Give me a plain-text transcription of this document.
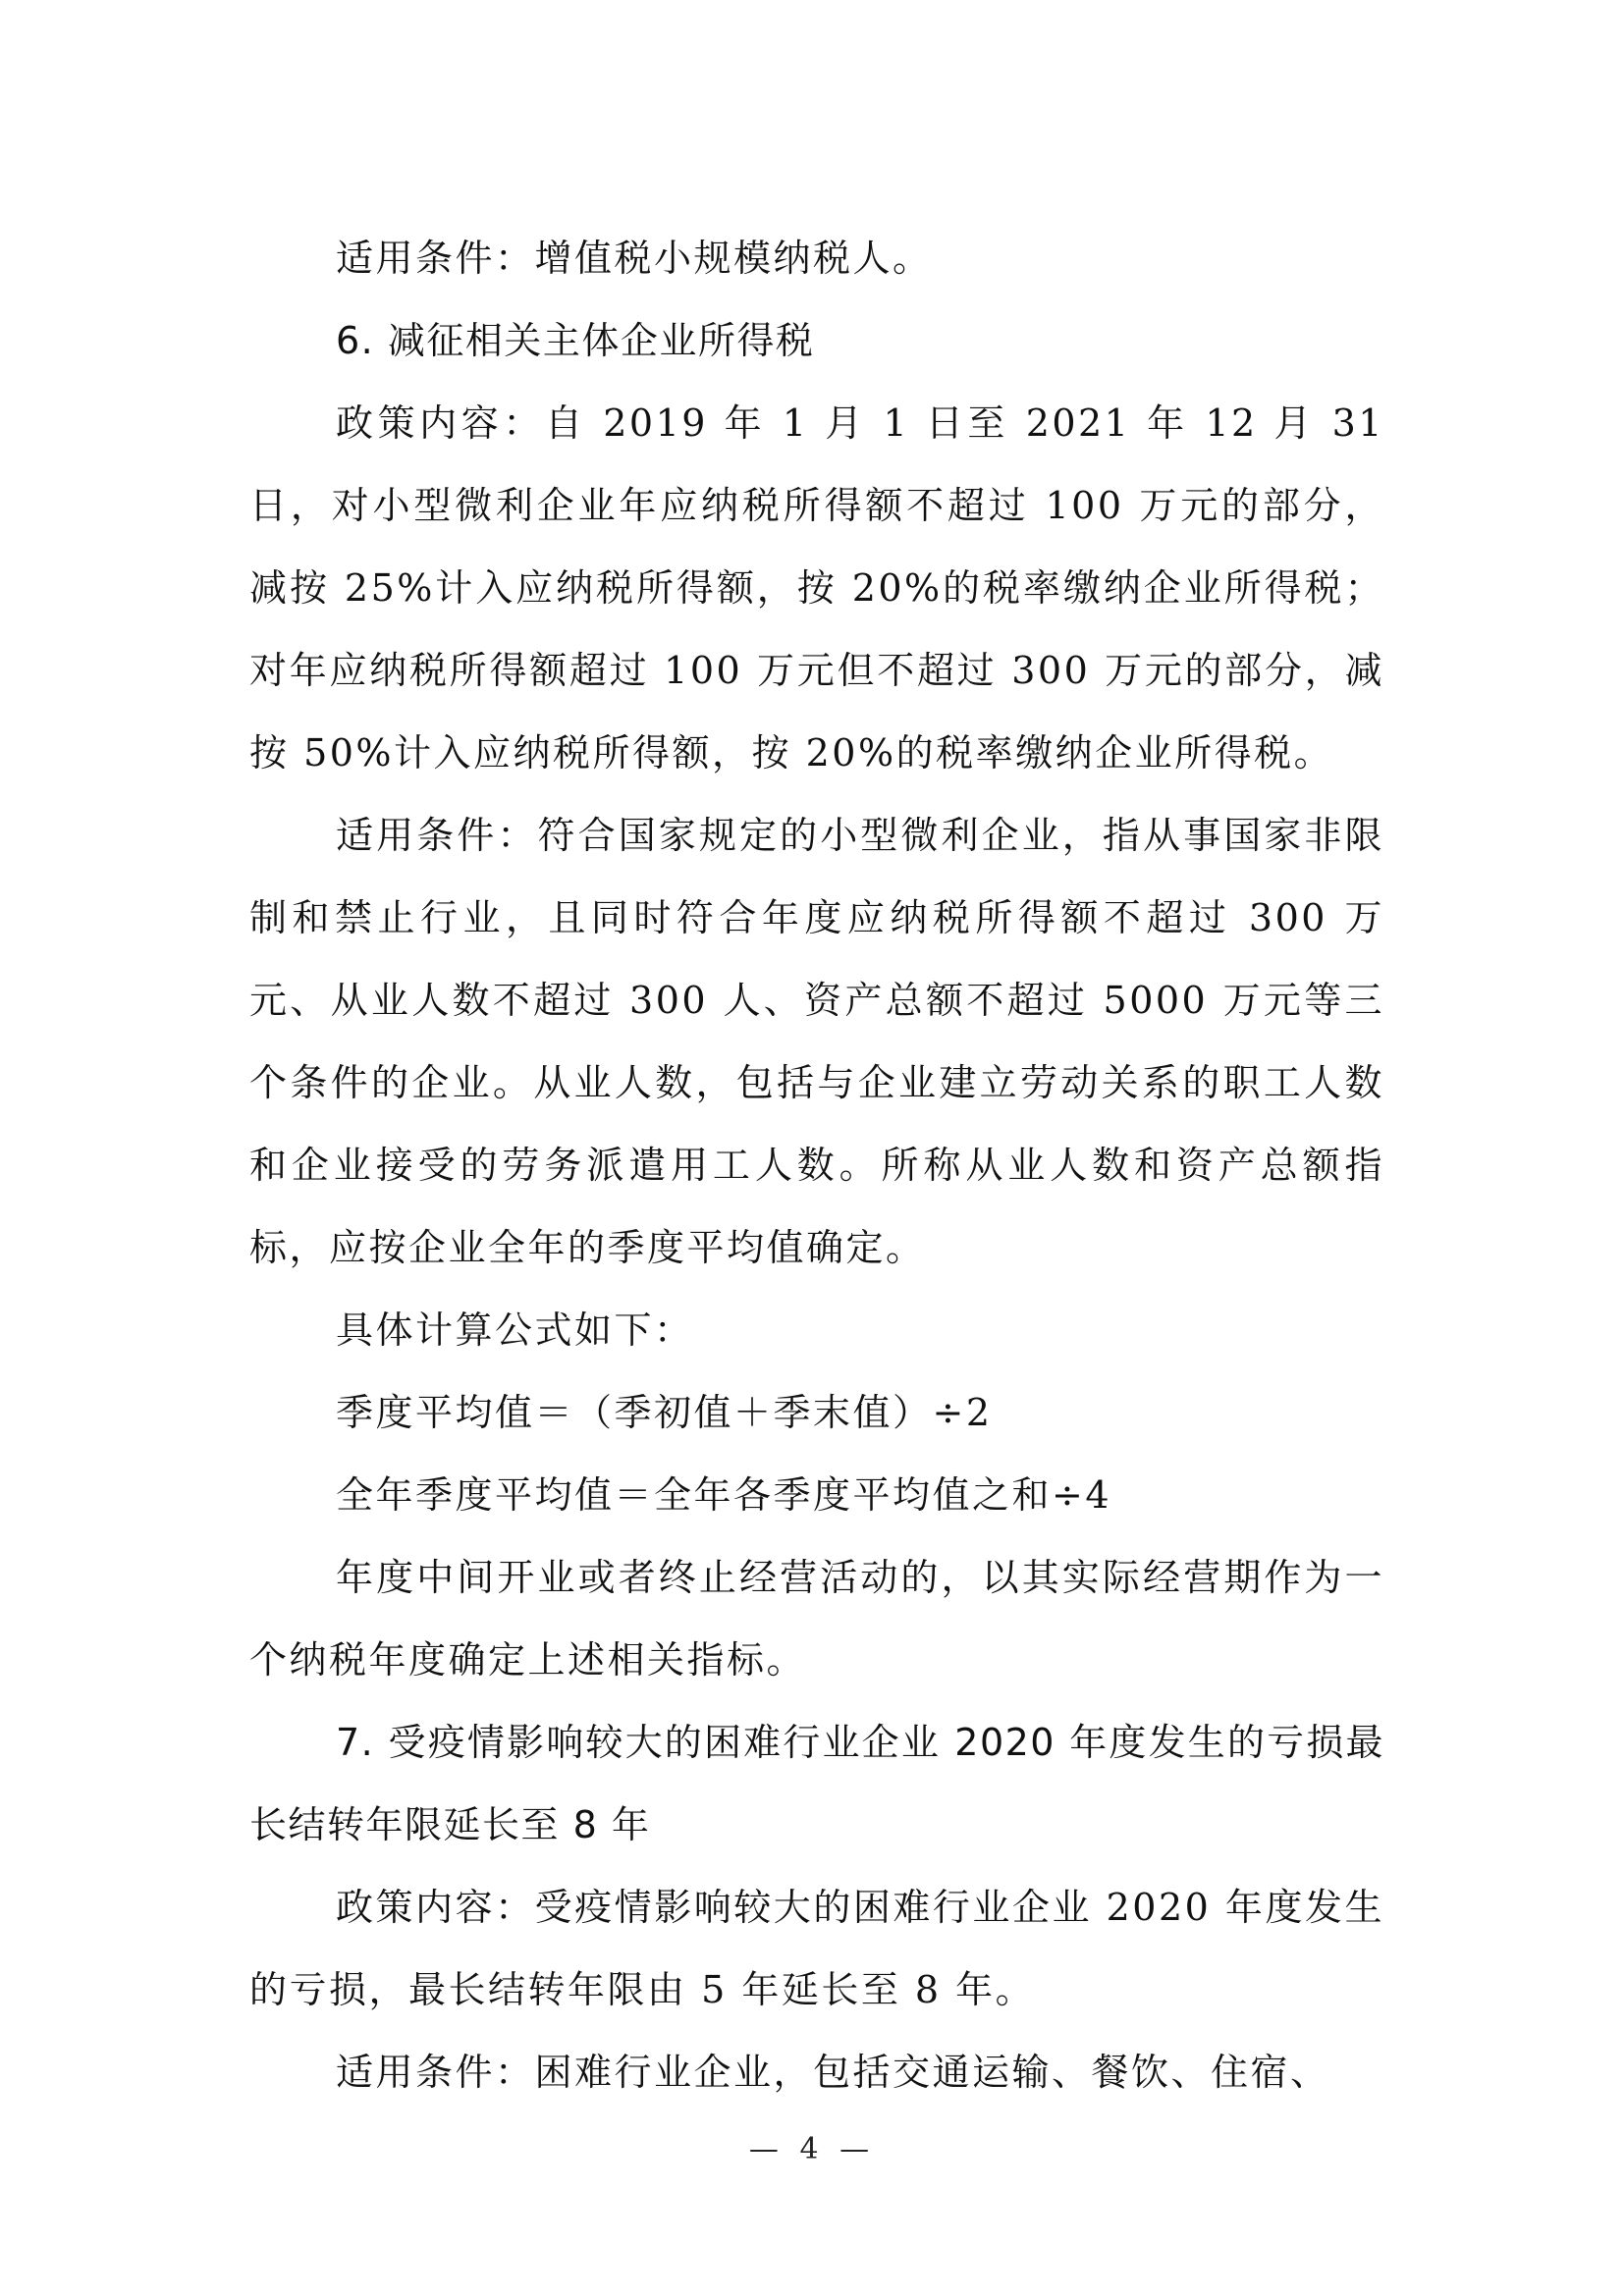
适用条件：增值税小规模纳税人。

6. 减征相关主体企业所得税

政策内容：自 2019 年 1 月 1 日至 2021 年 12 月 31 日，对小型微利企业年应纳税所得额不超过 100 万元的部分，减按 25%计入应纳税所得额，按 20%的税率缴纳企业所得税；对年应纳税所得额超过 100 万元但不超过 300 万元的部分，减按 50%计入应纳税所得额，按 20%的税率缴纳企业所得税。

适用条件：符合国家规定的小型微利企业，指从事国家非限制和禁止行业，且同时符合年度应纳税所得额不超过 300 万元、从业人数不超过 300 人、资产总额不超过 5000 万元等三个条件的企业。从业人数，包括与企业建立劳动关系的职工人数和企业接受的劳务派遣用工人数。所称从业人数和资产总额指标，应按企业全年的季度平均值确定。

具体计算公式如下：

季度平均值＝（季初值＋季末值）÷2

全年季度平均值＝全年各季度平均值之和÷4

年度中间开业或者终止经营活动的，以其实际经营期作为一个纳税年度确定上述相关指标。

7. 受疫情影响较大的困难行业企业 2020 年度发生的亏损最长结转年限延长至 8 年

政策内容：受疫情影响较大的困难行业企业 2020 年度发生的亏损，最长结转年限由 5 年延长至 8 年。

适用条件：困难行业企业，包括交通运输、餐饮、住宿、

— 4 —
